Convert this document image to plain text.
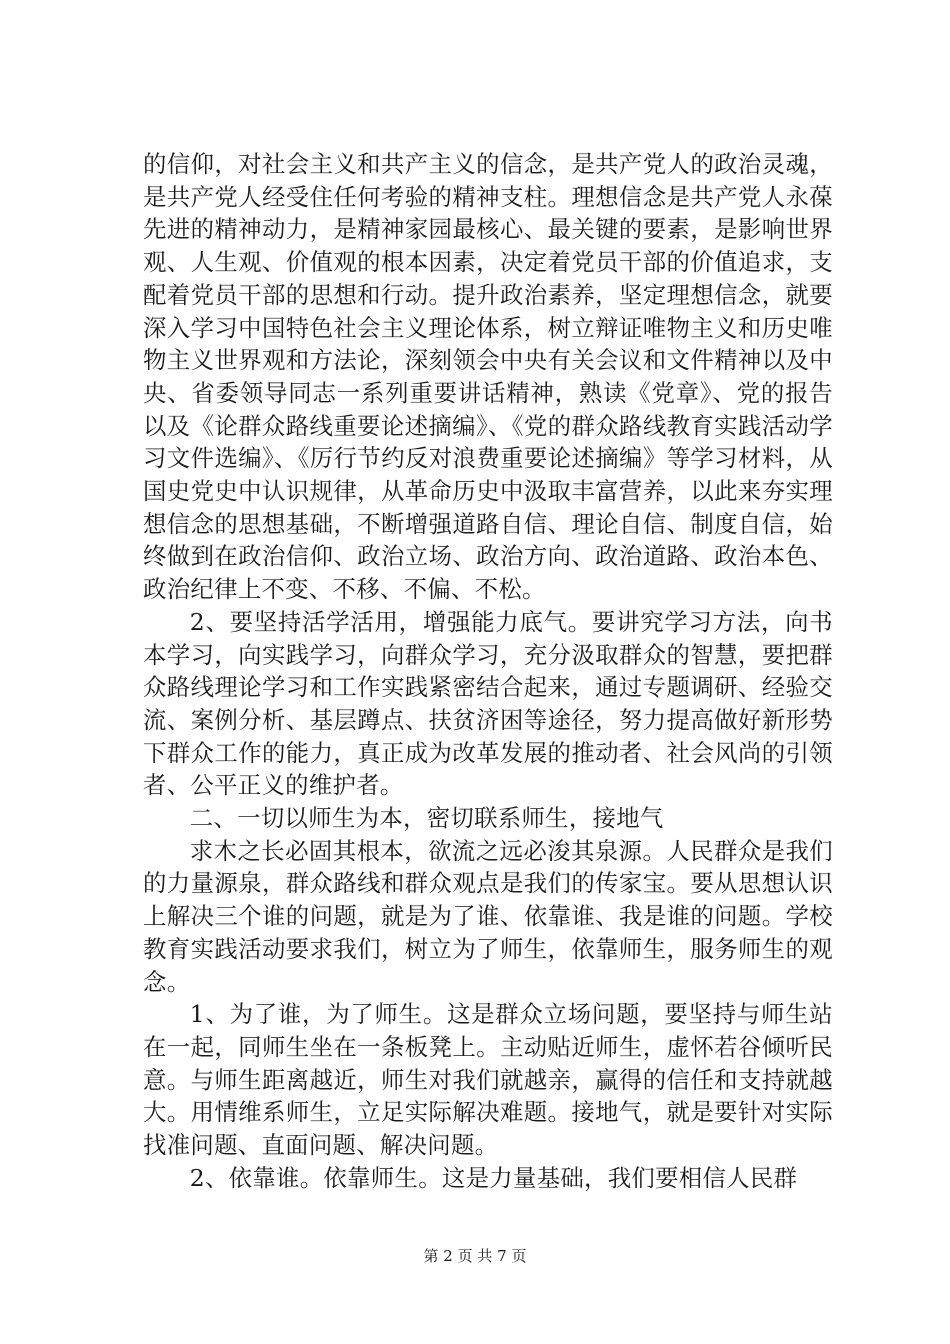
的信仰，对社会主义和共产主义的信念，是共产党人的政治灵魂，是共产党人经受住任何考验的精神支柱。理想信念是共产党人永葆先进的精神动力，是精神家园最核心、最关键的要素，是影响世界观、人生观、价值观的根本因素，决定着党员干部的价值追求，支配着党员干部的思想和行动。提升政治素养，坚定理想信念，就要深入学习中国特色社会主义理论体系，树立辩证唯物主义和历史唯物主义世界观和方法论，深刻领会中央有关会议和文件精神以及中央、省委领导同志一系列重要讲话精神，熟读《党章》、党的报告以及《论群众路线重要论述摘编》、《党的群众路线教育实践活动学习文件选编》、《厉行节约反对浪费重要论述摘编》等学习材料，从国史党史中认识规律，从革命历史中汲取丰富营养，以此来夯实理想信念的思想基础，不断增强道路自信、理论自信、制度自信，始终做到在政治信仰、政治立场、政治方向、政治道路、政治本色、政治纪律上不变、不移、不偏、不松。

2、要坚持活学活用，增强能力底气。要讲究学习方法，向书本学习，向实践学习，向群众学习，充分汲取群众的智慧，要把群众路线理论学习和工作实践紧密结合起来，通过专题调研、经验交流、案例分析、基层蹲点、扶贫济困等途径，努力提高做好新形势下群众工作的能力，真正成为改革发展的推动者、社会风尚的引领者、公平正义的维护者。

二、一切以师生为本，密切联系师生，接地气

求木之长必固其根本，欲流之远必浚其泉源。人民群众是我们的力量源泉，群众路线和群众观点是我们的传家宝。要从思想认识上解决三个谁的问题，就是为了谁、依靠谁、我是谁的问题。学校教育实践活动要求我们，树立为了师生，依靠师生，服务师生的观念。

1、为了谁，为了师生。这是群众立场问题，要坚持与师生站在一起，同师生坐在一条板凳上。主动贴近师生，虚怀若谷倾听民意。与师生距离越近，师生对我们就越亲，赢得的信任和支持就越大。用情维系师生，立足实际解决难题。接地气，就是要针对实际找准问题、直面问题、解决问题。

2、依靠谁。依靠师生。这是力量基础，我们要相信人民群

第 2 页 共 7 页
